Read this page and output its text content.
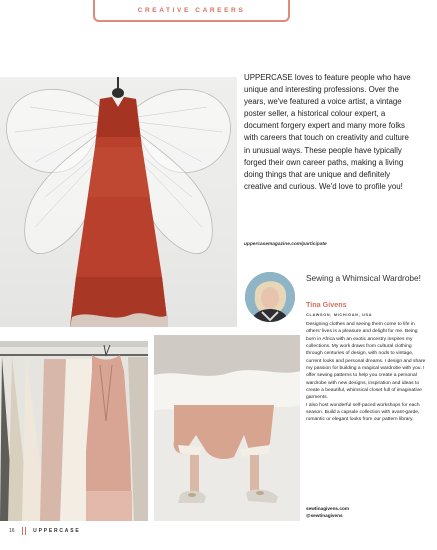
CREATIVE CAREERS
UPPERCASE loves to feature people who have unique and interesting professions. Over the years, we've featured a voice artist, a vintage poster seller, a historical colour expert, a document forgery expert and many more folks with careers that touch on creativity and culture in unusual ways. These people have typically forged their own career paths, making a living doing things that are unique and definitely creative and curious. We'd love to profile you!
uppercasemagazine.com/participate
Sewing a Whimsical Wardrobe!
Tina Givens
CLAWSON, MICHIGAN, USA

Designing clothes and seeing them come to life in others' lives is a pleasure and delight for me. Being born in Africa with an exotic ancestry inspires my collections. My work draws from cultural clothing through centuries of design, with nods to vintage, current looks and personal dreams. I design and share my passion for building a magical wardrobe with you. I offer sewing patterns to help you create a personal wardrobe with new designs, inspiration and ideas to create a beautiful, whimsical closet full of imaginative garments.

I also host wonderful self-paced workshops for each season. Build a capsule collection with avant-garde, romantic or elegant looks from our pattern library.

sewtinagivens.com
@sewtinagivens
16	UPPERCASE
